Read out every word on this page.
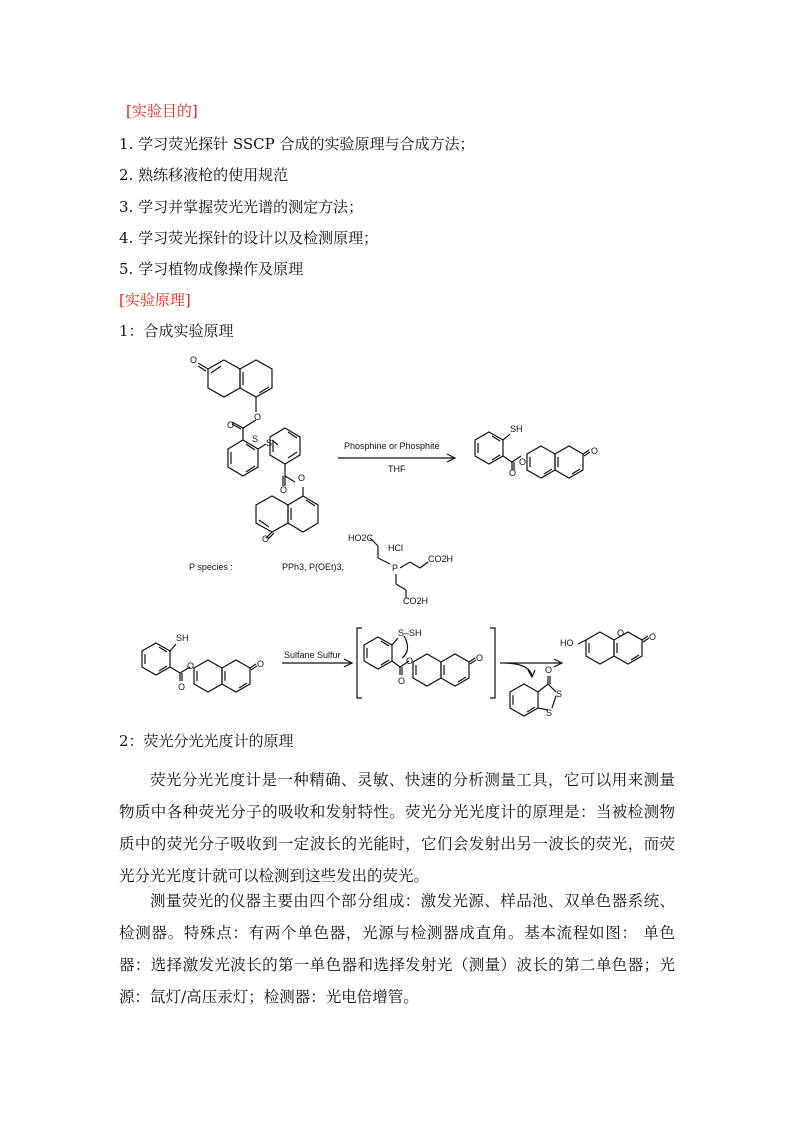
[实验目的]
1. 学习荧光探针 SSCP 合成的实验原理与合成方法；
2. 熟练移液枪的使用规范
3. 学习并掌握荧光光谱的测定方法；
4. 学习荧光探针的设计以及检测原理；
5. 学习植物成像操作及原理
[实验原理]
1：合成实验原理
O
O
O
S S
O
O
O
Phosphine or Phosphite
THF
SH
O
O
O
P species :	PPh3, P(OEt)3,
HO2C
HCl
P
CO2H
CO2H
SH
O
O	O
Sulfane Sulfur
S–SH
O
O	O
HO
O	O
O
S
S
2：荧光分光光度计的原理

荧光分光光度计是一种精确、灵敏、快速的分析测量工具，它可以用来测量物质中各种荧光分子的吸收和发射特性。荧光分光光度计的原理是：当被检测物质中的荧光分子吸收到一定波长的光能时，它们会发射出另一波长的荧光，而荧光分光光度计就可以检测到这些发出的荧光。

测量荧光的仪器主要由四个部分组成：激发光源、样品池、双单色器系统、检测器。特殊点：有两个单色器，光源与检测器成直角。基本流程如图： 单色器：选择激发光波长的第一单色器和选择发射光（测量）波长的第二单色器；光源：氙灯/高压汞灯；检测器：光电倍增管。
